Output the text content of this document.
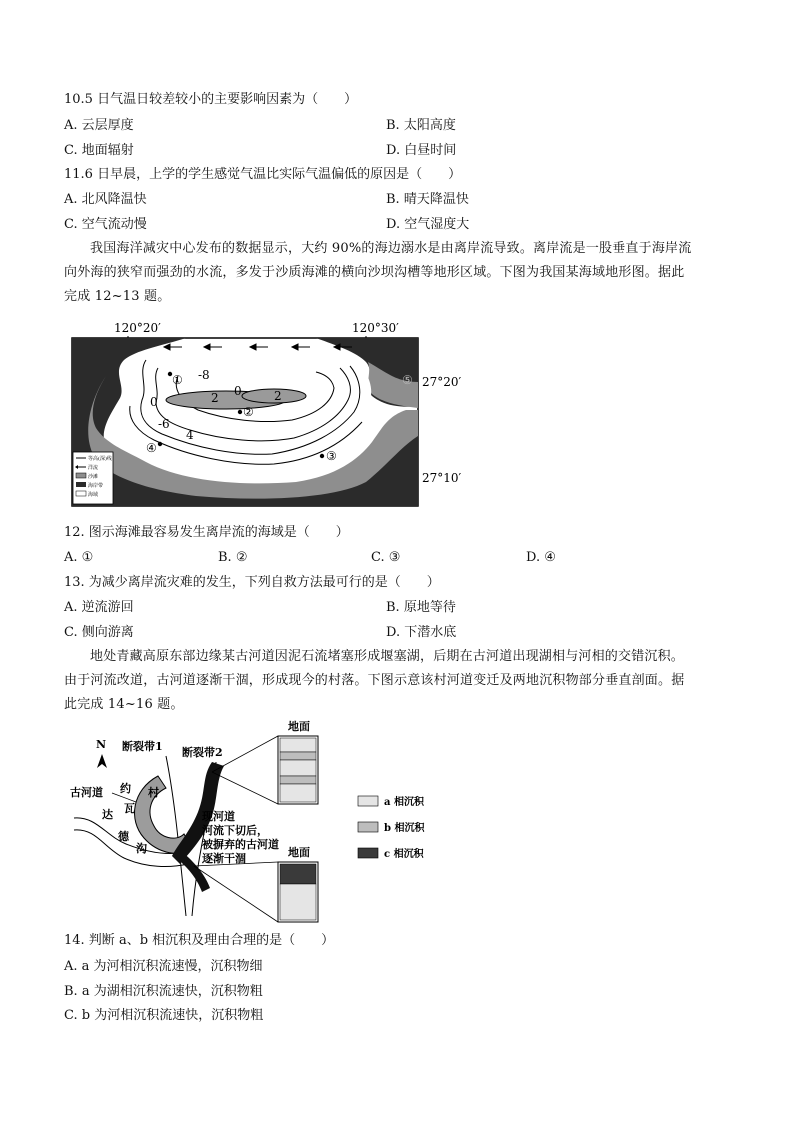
10.5 日气温日较差较小的主要影响因素为（　　）
A. 云层厚度	B. 太阳高度
C. 地面辐射	D. 白昼时间
11.6 日早晨，上学的学生感觉气温比实际气温偏低的原因是（　　）
A. 北风降温快	B. 晴天降温快
C. 空气流动慢	D. 空气湿度大
我国海洋减灾中心发布的数据显示，大约 90%的海边溺水是由离岸流导致。离岸流是一股垂直于海岸流
向外海的狭窄而强劲的水流，多发于沙质海滩的横向沙坝沟槽等地形区域。下图为我国某海域地形图。据此
完成 12~13 题。
120°20′	120°30′
-8
0
2	2
-6
4
0
①
②
③
④
⑤ 27°20′
27°10′
等高(深)线
洋流
沙滩
海岸带
海域
12. 图示海滩最容易发生离岸流的海域是（　　）
A. ①	B. ②	C. ③	D. ④
13. 为减少离岸流灾难的发生，下列自救方法最可行的是（　　）
A. 逆流游回	B. 原地等待
C. 侧向游离	D. 下潜水底
地处青藏高原东部边缘某古河道因泥石流堵塞形成堰塞湖，后期在古河道出现湖相与河相的交错沉积。
由于河流改道，古河道逐渐干涸，形成现今的村落。下图示意该村河道变迁及两地沉积物部分垂直剖面。据
此完成 14~16 题。
N 断裂带1 断裂带2
古河道 约 村
瓦
达
德
沟
现河道
河流下切后，
被摒弃的古河道
逐渐干涸
地面
地面
a 相沉积
b 相沉积
c 相沉积
14. 判断 a、b 相沉积及理由合理的是（　　）
A. a 为河相沉积流速慢，沉积物细
B. a 为湖相沉积流速快，沉积物粗
C. b 为河相沉积流速快，沉积物粗
